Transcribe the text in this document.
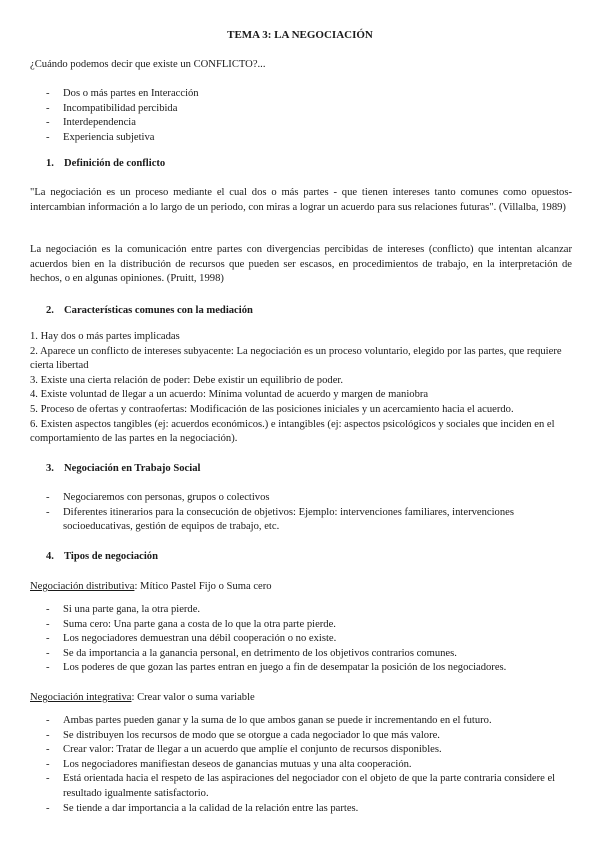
TEMA 3: LA NEGOCIACIÓN
¿Cuándo podemos decir que existe un CONFLICTO?...
- Dos o más partes en Interacción
- Incompatibilidad percibida
- Interdependencia
- Experiencia subjetiva
1. Definición de conflicto

"La negociación es un proceso mediante el cual dos o más partes - que tienen intereses tanto comunes como opuestos- intercambian información a lo largo de un periodo, con miras a lograr un acuerdo para sus relaciones futuras". (Villalba, 1989)

La negociación es la comunicación entre partes con divergencias percibidas de intereses (conflicto) que intentan alcanzar acuerdos bien en la distribución de recursos que pueden ser escasos, en procedimientos de trabajo, en la interpretación de hechos, o en algunas opiniones. (Pruitt, 1998)

2. Características comunes con la mediación
1. Hay dos o más partes implicadas
2. Aparece un conflicto de intereses subyacente: La negociación es un proceso voluntario, elegido por las partes, que requiere cierta libertad
3. Existe una cierta relación de poder: Debe existir un equilibrio de poder.
4. Existe voluntad de llegar a un acuerdo: Mínima voluntad de acuerdo y margen de maniobra
5. Proceso de ofertas y contraofertas: Modificación de las posiciones iniciales y un acercamiento hacia el acuerdo.
6. Existen aspectos tangibles (ej: acuerdos económicos.) e intangibles (ej: aspectos psicológicos y sociales que inciden en el comportamiento de las partes en la negociación).
3. Negociación en Trabajo Social
- Negociaremos con personas, grupos o colectivos
- Diferentes itinerarios para la consecución de objetivos: Ejemplo: intervenciones familiares, intervenciones socioeducativas, gestión de equipos de trabajo, etc.
4. Tipos de negociación
Negociación distributiva: Mítico Pastel Fijo o Suma cero
- Si una parte gana, la otra pierde.
- Suma cero: Una parte gana a costa de lo que la otra parte pierde.
- Los negociadores demuestran una débil cooperación o no existe.
- Se da importancia a la ganancia personal, en detrimento de los objetivos contrarios comunes.
- Los poderes de que gozan las partes entran en juego a fin de desempatar la posición de los negociadores.
Negociación integrativa: Crear valor o suma variable
- Ambas partes pueden ganar y la suma de lo que ambos ganan se puede ir incrementando en el futuro.
- Se distribuyen los recursos de modo que se otorgue a cada negociador lo que más valore.
- Crear valor: Tratar de llegar a un acuerdo que amplíe el conjunto de recursos disponibles.
- Los negociadores manifiestan deseos de ganancias mutuas y una alta cooperación.
- Está orientada hacia el respeto de las aspiraciones del negociador con el objeto de que la parte contraria considere el resultado igualmente satisfactorio.
- Se tiende a dar importancia a la calidad de la relación entre las partes.
